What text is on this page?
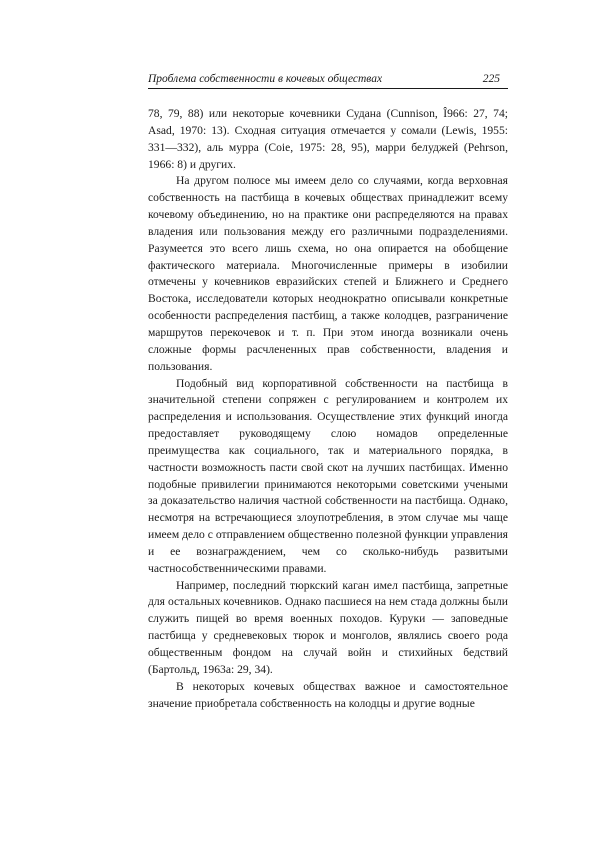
Проблема собственности в кочевых обществах	225

78, 79, 88) или некоторые кочевники Судана (Cunnison, Î966: 27, 74; Asad, 1970: 13). Сходная ситуация отмечается у сомали (Lewis, 1955: 331—332), аль мурра (Coie, 1975: 28, 95), марри белуджей (Pehrson, 1966: 8) и других.

На другом полюсе мы имеем дело со случаями, когда верховная собственность на пастбища в кочевых обществах принадлежит всему кочевому объединению, но на практике они распределяются на правах владения или пользования между его различными подразделениями. Разумеется это всего лишь схема, но она опирается на обобщение фактического материала. Многочисленные примеры в изобилии отмечены у кочевников евразийских степей и Ближнего и Среднего Востока, исследователи которых неоднократно описывали конкретные особенности распределения пастбищ, а также колодцев, разграничение маршрутов перекочевок и т. п. При этом иногда возникали очень сложные формы расчлененных прав собственности, владения и пользования.

Подобный вид корпоративной собственности на пастбища в значительной степени сопряжен с регулированием и контролем их распределения и использования. Осуществление этих функций иногда предоставляет руководящему слою номадов определенные преимущества как социального, так и материального порядка, в частности возможность пасти свой скот на лучших пастбищах. Именно подобные привилегии принимаются некоторыми советскими учеными за доказательство наличия частной собственности на пастбища. Однако, несмотря на встречающиеся злоупотребления, в этом случае мы чаще имеем дело с отправлением общественно полезной функции управления и ее вознаграждением, чем со сколько-нибудь развитыми частнособственническими правами.

Например, последний тюркский каган имел пастбища, запретные для остальных кочевников. Однако пасшиеся на нем стада должны были служить пищей во время военных походов. Куруки — заповедные пастбища у средневековых тюрок и монголов, являлись своего рода общественным фондом на случай войн и стихийных бедствий (Бартольд, 1963а: 29, 34).

В некоторых кочевых обществах важное и самостоятельное значение приобретала собственность на колодцы и другие водные
